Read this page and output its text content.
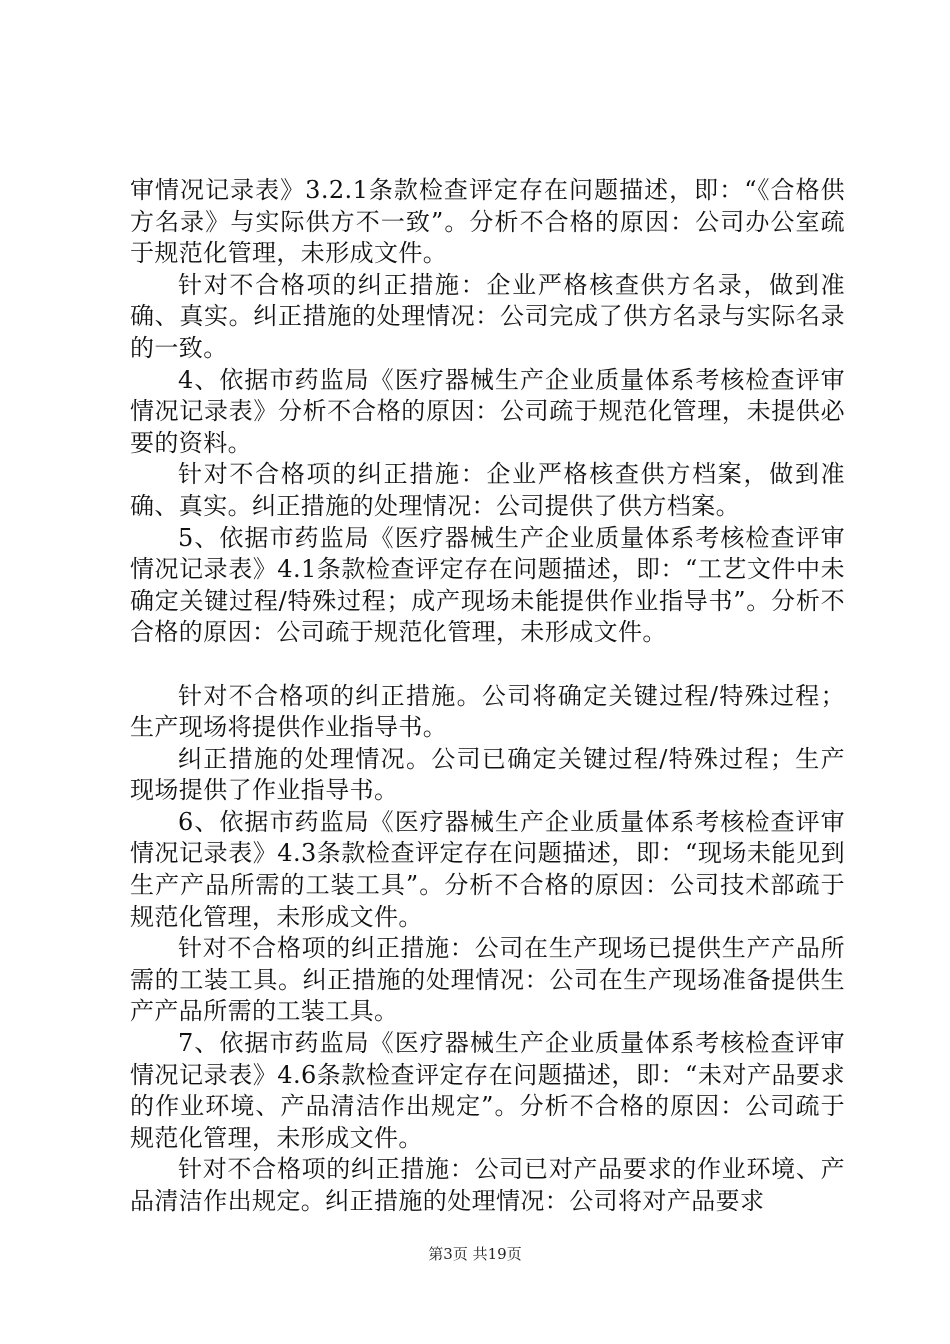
审情况记录表》3.2.1条款检查评定存在问题描述，即：“《合格供方名录》与实际供方不一致”。分析不合格的原因：公司办公室疏于规范化管理，未形成文件。

针对不合格项的纠正措施：企业严格核查供方名录，做到准确、真实。纠正措施的处理情况：公司完成了供方名录与实际名录的一致。

4、依据市药监局《医疗器械生产企业质量体系考核检查评审情况记录表》分析不合格的原因：公司疏于规范化管理，未提供必要的资料。

针对不合格项的纠正措施：企业严格核查供方档案，做到准确、真实。纠正措施的处理情况：公司提供了供方档案。

5、依据市药监局《医疗器械生产企业质量体系考核检查评审情况记录表》4.1条款检查评定存在问题描述，即：“工艺文件中未确定关键过程/特殊过程；成产现场未能提供作业指导书”。分析不合格的原因：公司疏于规范化管理，未形成文件。

针对不合格项的纠正措施。公司将确定关键过程/特殊过程；生产现场将提供作业指导书。

纠正措施的处理情况。公司已确定关键过程/特殊过程；生产现场提供了作业指导书。

6、依据市药监局《医疗器械生产企业质量体系考核检查评审情况记录表》4.3条款检查评定存在问题描述，即：“现场未能见到生产产品所需的工装工具”。分析不合格的原因：公司技术部疏于规范化管理，未形成文件。

针对不合格项的纠正措施：公司在生产现场已提供生产产品所需的工装工具。纠正措施的处理情况：公司在生产现场准备提供生产产品所需的工装工具。

7、依据市药监局《医疗器械生产企业质量体系考核检查评审情况记录表》4.6条款检查评定存在问题描述，即：“未对产品要求的作业环境、产品清洁作出规定”。分析不合格的原因：公司疏于规范化管理，未形成文件。

针对不合格项的纠正措施：公司已对产品要求的作业环境、产品清洁作出规定。纠正措施的处理情况：公司将对产品要求

第3页 共19页
